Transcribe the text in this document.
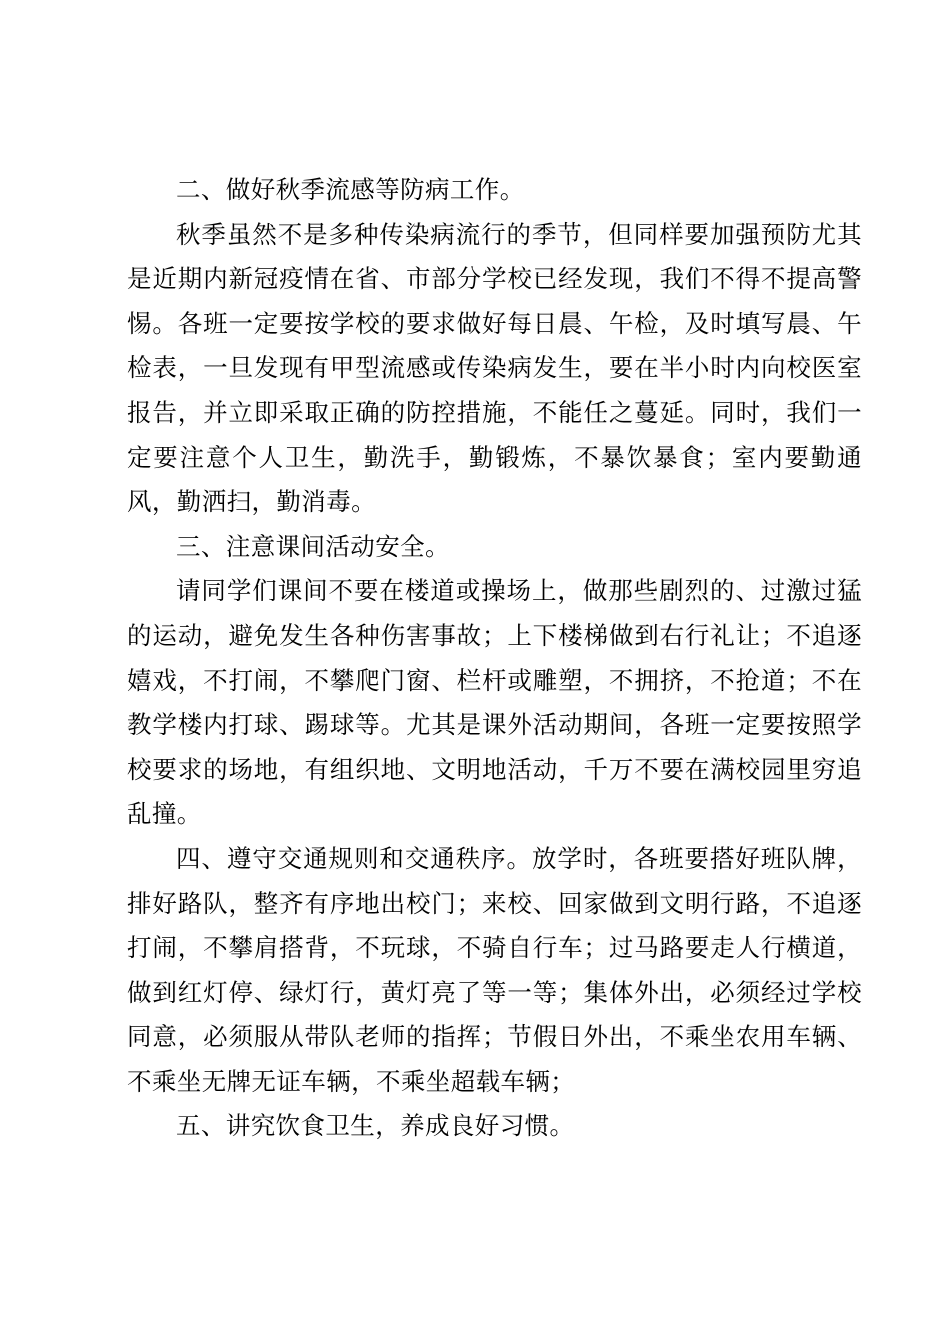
二、做好秋季流感等防病工作。

秋季虽然不是多种传染病流行的季节，但同样要加强预防尤其是近期内新冠疫情在省、市部分学校已经发现，我们不得不提高警惕。各班一定要按学校的要求做好每日晨、午检，及时填写晨、午检表，一旦发现有甲型流感或传染病发生，要在半小时内向校医室报告，并立即采取正确的防控措施，不能任之蔓延。同时，我们一定要注意个人卫生，勤洗手，勤锻炼，不暴饮暴食；室内要勤通风，勤洒扫，勤消毒。

三、注意课间活动安全。

请同学们课间不要在楼道或操场上，做那些剧烈的、过激过猛的运动，避免发生各种伤害事故；上下楼梯做到右行礼让；不追逐嬉戏，不打闹，不攀爬门窗、栏杆或雕塑，不拥挤，不抢道；不在教学楼内打球、踢球等。尤其是课外活动期间，各班一定要按照学校要求的场地，有组织地、文明地活动，千万不要在满校园里穷追乱撞。

四、遵守交通规则和交通秩序。放学时，各班要搭好班队牌，排好路队，整齐有序地出校门；来校、回家做到文明行路，不追逐打闹，不攀肩搭背，不玩球，不骑自行车；过马路要走人行横道，做到红灯停、绿灯行，黄灯亮了等一等；集体外出，必须经过学校同意，必须服从带队老师的指挥；节假日外出，不乘坐农用车辆、不乘坐无牌无证车辆，不乘坐超载车辆；

五、讲究饮食卫生，养成良好习惯。
